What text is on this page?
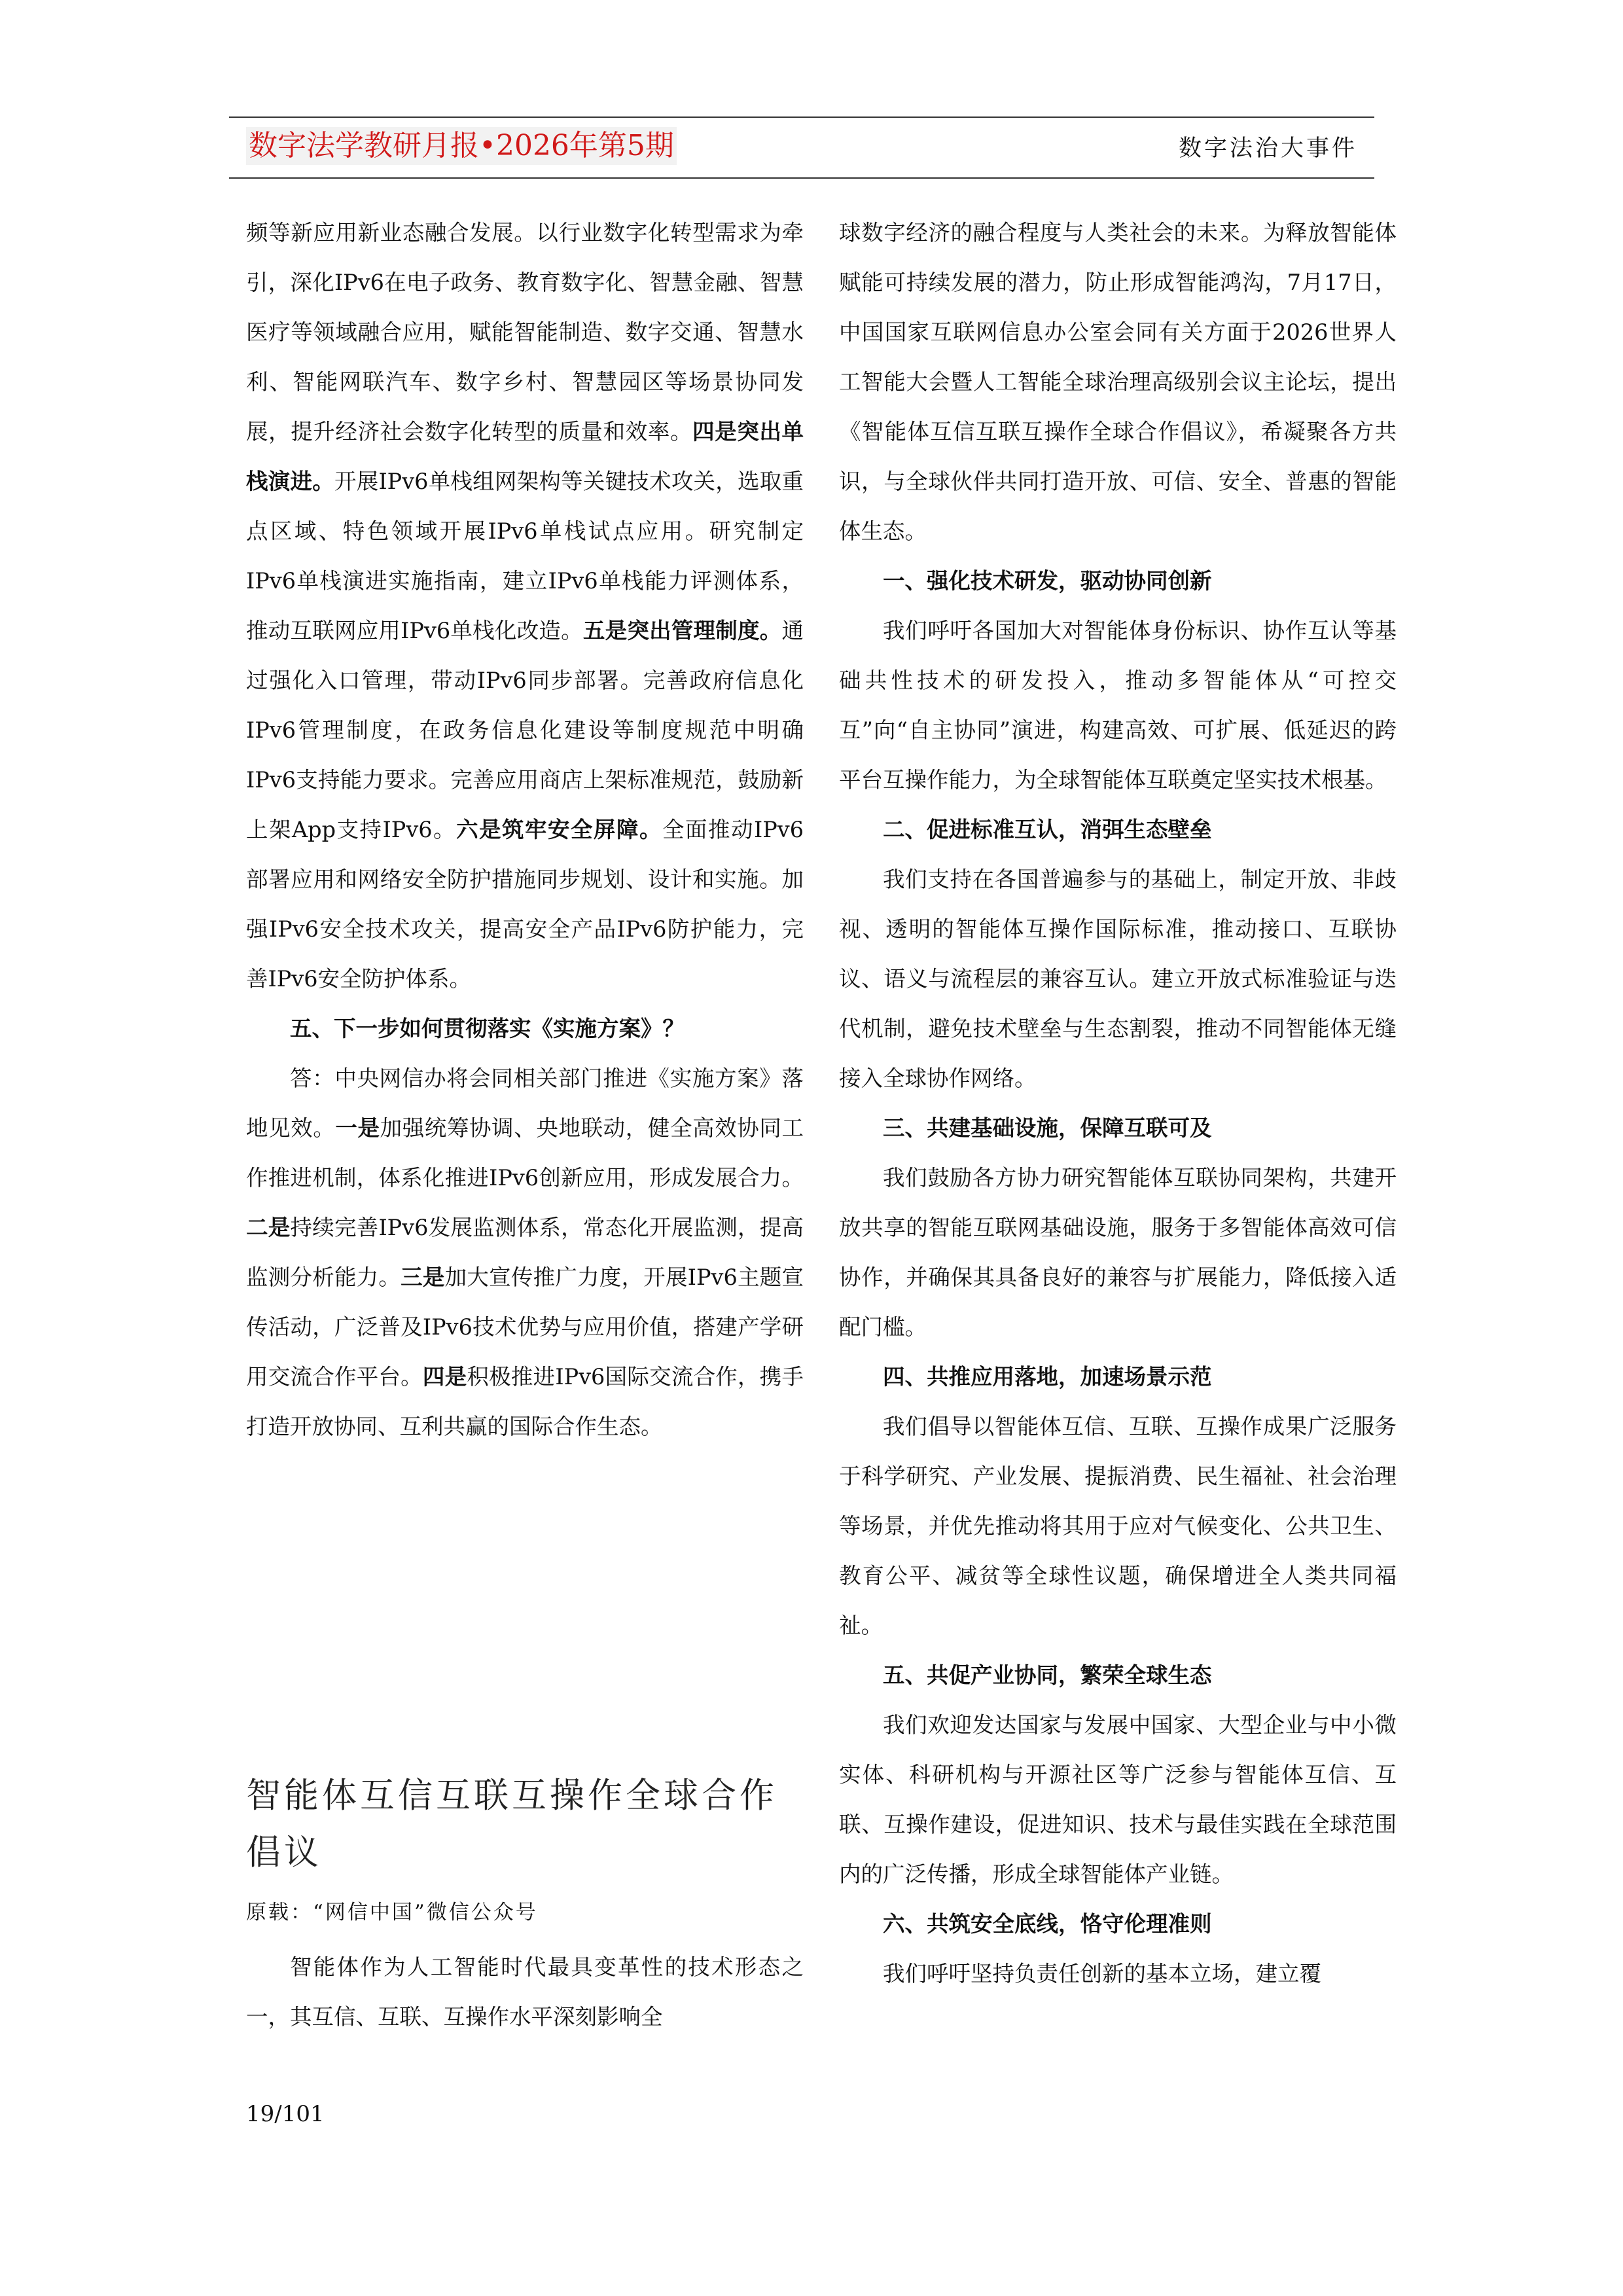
数字法学教研月报•2026年第5期	数字法治大事件

频等新应用新业态融合发展。以行业数字化转型需求为牵引，深化IPv6在电子政务、教育数字化、智慧金融、智慧医疗等领域融合应用，赋能智能制造、数字交通、智慧水利、智能网联汽车、数字乡村、智慧园区等场景协同发展，提升经济社会数字化转型的质量和效率。四是突出单栈演进。开展IPv6单栈组网架构等关键技术攻关，选取重点区域、特色领域开展IPv6单栈试点应用。研究制定IPv6单栈演进实施指南，建立IPv6单栈能力评测体系，推动互联网应用IPv6单栈化改造。五是突出管理制度。通过强化入口管理，带动IPv6同步部署。完善政府信息化IPv6管理制度，在政务信息化建设等制度规范中明确IPv6支持能力要求。完善应用商店上架标准规范，鼓励新上架App支持IPv6。六是筑牢安全屏障。全面推动IPv6部署应用和网络安全防护措施同步规划、设计和实施。加强IPv6安全技术攻关，提高安全产品IPv6防护能力，完善IPv6安全防护体系。

五、下一步如何贯彻落实《实施方案》？

答：中央网信办将会同相关部门推进《实施方案》落地见效。一是加强统筹协调、央地联动，健全高效协同工作推进机制，体系化推进IPv6创新应用，形成发展合力。二是持续完善IPv6发展监测体系，常态化开展监测，提高监测分析能力。三是加大宣传推广力度，开展IPv6主题宣传活动，广泛普及IPv6技术优势与应用价值，搭建产学研用交流合作平台。四是积极推进IPv6国际交流合作，携手打造开放协同、互利共赢的国际合作生态。

智能体互信互联互操作全球合作倡议
原载：“网信中国”微信公众号

智能体作为人工智能时代最具变革性的技术形态之一，其互信、互联、互操作水平深刻影响全

球数字经济的融合程度与人类社会的未来。为释放智能体赋能可持续发展的潜力，防止形成智能鸿沟，7月17日，中国国家互联网信息办公室会同有关方面于2026世界人工智能大会暨人工智能全球治理高级别会议主论坛，提出《智能体互信互联互操作全球合作倡议》，希凝聚各方共识，与全球伙伴共同打造开放、可信、安全、普惠的智能体生态。

一、强化技术研发，驱动协同创新

我们呼吁各国加大对智能体身份标识、协作互认等基础共性技术的研发投入，推动多智能体从“可控交互”向“自主协同”演进，构建高效、可扩展、低延迟的跨平台互操作能力，为全球智能体互联奠定坚实技术根基。

二、促进标准互认，消弭生态壁垒

我们支持在各国普遍参与的基础上，制定开放、非歧视、透明的智能体互操作国际标准，推动接口、互联协议、语义与流程层的兼容互认。建立开放式标准验证与迭代机制，避免技术壁垒与生态割裂，推动不同智能体无缝接入全球协作网络。

三、共建基础设施，保障互联可及

我们鼓励各方协力研究智能体互联协同架构，共建开放共享的智能互联网基础设施，服务于多智能体高效可信协作，并确保其具备良好的兼容与扩展能力，降低接入适配门槛。

四、共推应用落地，加速场景示范

我们倡导以智能体互信、互联、互操作成果广泛服务于科学研究、产业发展、提振消费、民生福祉、社会治理等场景，并优先推动将其用于应对气候变化、公共卫生、教育公平、减贫等全球性议题，确保增进全人类共同福祉。

五、共促产业协同，繁荣全球生态

我们欢迎发达国家与发展中国家、大型企业与中小微实体、科研机构与开源社区等广泛参与智能体互信、互联、互操作建设，促进知识、技术与最佳实践在全球范围内的广泛传播，形成全球智能体产业链。

六、共筑安全底线，恪守伦理准则

我们呼吁坚持负责任创新的基本立场，建立覆

19/101
